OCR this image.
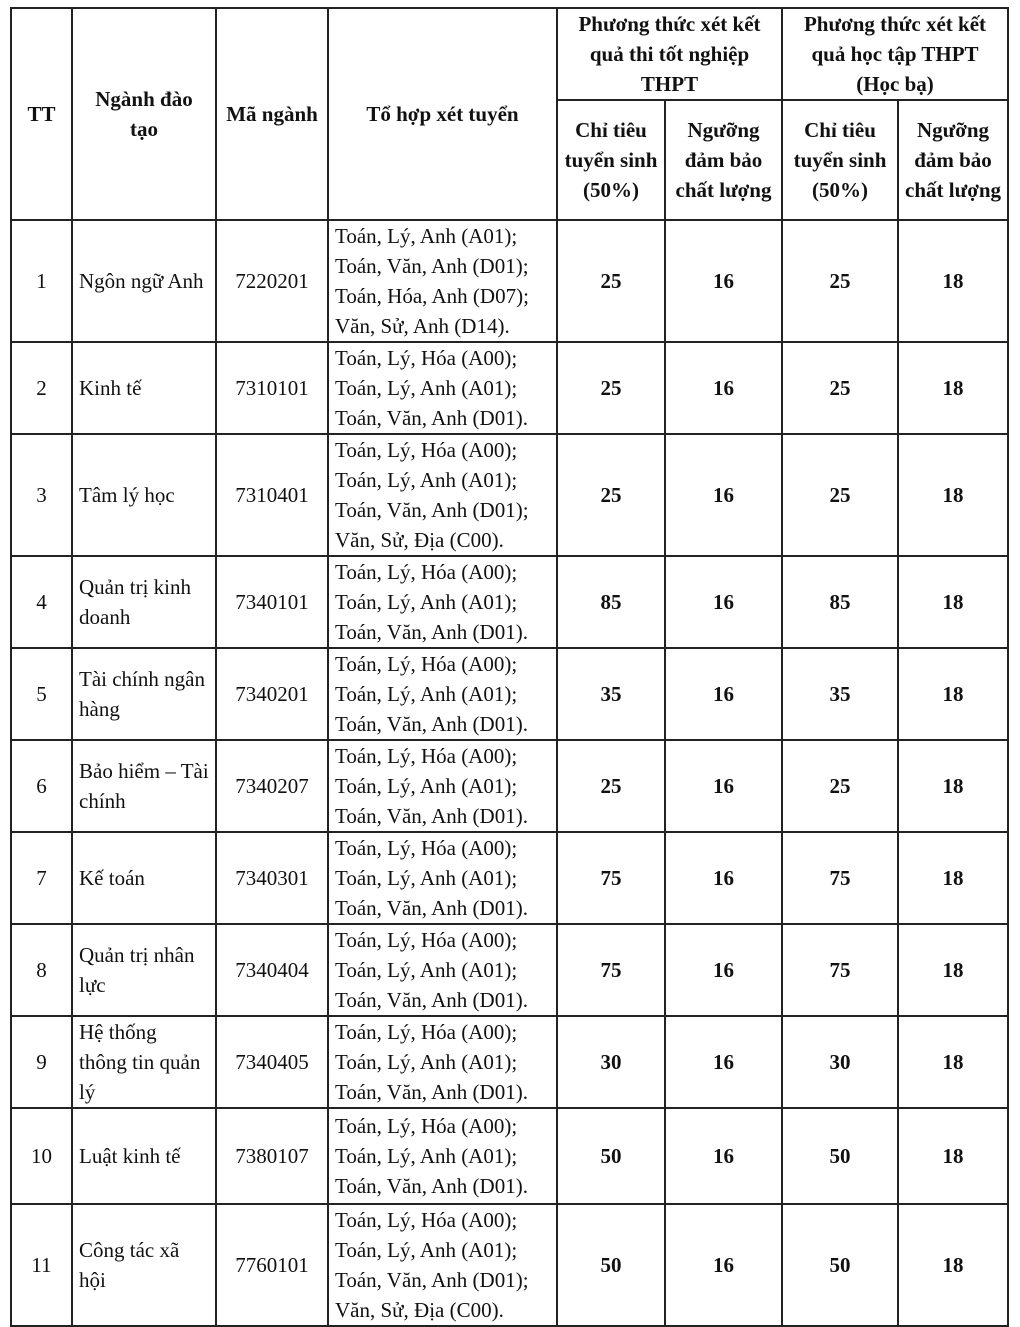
TT	Ngành đào tạo	Mã ngành	Tổ hợp xét tuyển	Phương thức xét kết quả thi tốt nghiệp THPT		Phương thức xét kết quả học tập THPT (Học bạ)	
				Chỉ tiêu tuyển sinh (50%)	Ngưỡng đảm bảo chất lượng	Chỉ tiêu tuyển sinh (50%)	Ngưỡng đảm bảo chất lượng
1	Ngôn ngữ Anh	7220201	Toán, Lý, Anh (A01);
Toán, Văn, Anh (D01);
Toán, Hóa, Anh (D07);
Văn, Sử, Anh (D14).	25	16	25	18
2	Kinh tế	7310101	Toán, Lý, Hóa (A00);
Toán, Lý, Anh (A01);
Toán, Văn, Anh (D01).	25	16	25	18
3	Tâm lý học	7310401	Toán, Lý, Hóa (A00);
Toán, Lý, Anh (A01);
Toán, Văn, Anh (D01);
Văn, Sử, Địa (C00).	25	16	25	18
4	Quản trị kinh doanh	7340101	Toán, Lý, Hóa (A00);
Toán, Lý, Anh (A01);
Toán, Văn, Anh (D01).	85	16	85	18
5	Tài chính ngân hàng	7340201	Toán, Lý, Hóa (A00);
Toán, Lý, Anh (A01);
Toán, Văn, Anh (D01).	35	16	35	18
6	Bảo hiểm – Tài chính	7340207	Toán, Lý, Hóa (A00);
Toán, Lý, Anh (A01);
Toán, Văn, Anh (D01).	25	16	25	18
7	Kế toán	7340301	Toán, Lý, Hóa (A00);
Toán, Lý, Anh (A01);
Toán, Văn, Anh (D01).	75	16	75	18
8	Quản trị nhân lực	7340404	Toán, Lý, Hóa (A00);
Toán, Lý, Anh (A01);
Toán, Văn, Anh (D01).	75	16	75	18
9	Hệ thống thông tin quản lý	7340405	Toán, Lý, Hóa (A00);
Toán, Lý, Anh (A01);
Toán, Văn, Anh (D01).	30	16	30	18
10	Luật kinh tế	7380107	Toán, Lý, Hóa (A00);
Toán, Lý, Anh (A01);
Toán, Văn, Anh (D01).	50	16	50	18
11	Công tác xã hội	7760101	Toán, Lý, Hóa (A00);
Toán, Lý, Anh (A01);
Toán, Văn, Anh (D01);
Văn, Sử, Địa (C00).	50	16	50	18
